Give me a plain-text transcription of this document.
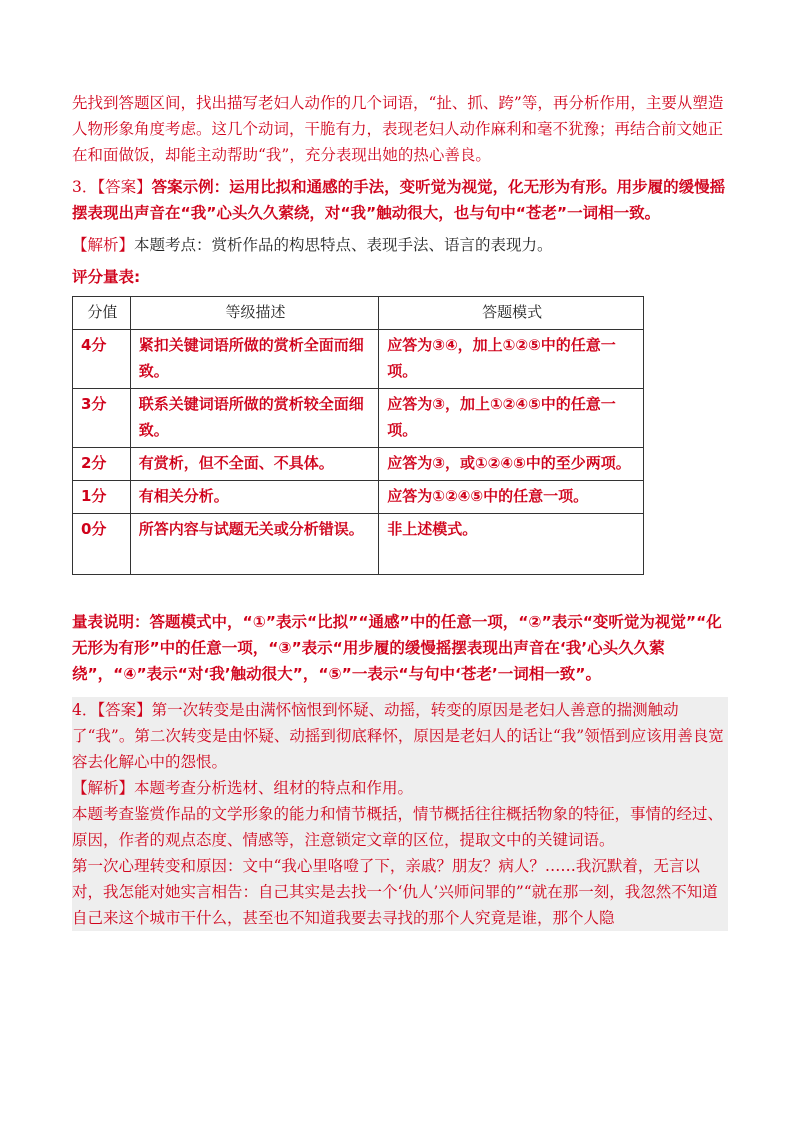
先找到答题区间，找出描写老妇人动作的几个词语，“扯、抓、跨”等，再分析作用，主要从塑造人物形象角度考虑。这几个动词，干脆有力，表现老妇人动作麻利和毫不犹豫；再结合前文她正在和面做饭，却能主动帮助“我”，充分表现出她的热心善良。

3．【答案】答案示例：运用比拟和通感的手法，变听觉为视觉，化无形为有形。用步履的缓慢摇摆表现出声音在“我”心头久久萦绕，对“我”触动很大，也与句中“苍老”一词相一致。

【解析】本题考点：赏析作品的构思特点、表现手法、语言的表现力。

评分量表:

分值	等级描述	答题模式
4分	紧扣关键词语所做的赏析全面而细致。	应答为③④，加上①②⑤中的任意一项。
3分	联系关键词语所做的赏析较全面细致。	应答为③，加上①②④⑤中的任意一项。
2分	有赏析，但不全面、不具体。	应答为③，或①②④⑤中的至少两项。
1分	有相关分析。	应答为①②④⑤中的任意一项。
0分	所答内容与试题无关或分析错误。	非上述模式。

量表说明：答题模式中，“①”表示“比拟”“通感”中的任意一项，“②”表示“变听觉为视觉”“化无形为有形”中的任意一项，“③”表示“用步履的缓慢摇摆表现出声音在‘我’心头久久萦绕”，“④”表示“对‘我’触动很大”，“⑤”一表示“与句中‘苍老’一词相一致”。

4．【答案】第一次转变是由满怀恼恨到怀疑、动摇，转变的原因是老妇人善意的揣测触动了“我”。第二次转变是由怀疑、动摇到彻底释怀，原因是老妇人的话让“我”领悟到应该用善良宽容去化解心中的怨恨。

【解析】本题考查分析选材、组材的特点和作用。

本题考查鉴赏作品的文学形象的能力和情节概括，情节概括往往概括物象的特征，事情的经过、原因，作者的观点态度、情感等，注意锁定文章的区位，提取文中的关键词语。

第一次心理转变和原因：文中“我心里咯噔了下，亲戚？朋友？病人？……我沉默着，无言以对，我怎能对她实言相告：自己其实是去找一个‘仇人’兴师问罪的”“就在那一刻，我忽然不知道自己来这个城市干什么，甚至也不知道我要去寻找的那个人究竟是谁，那个人隐
